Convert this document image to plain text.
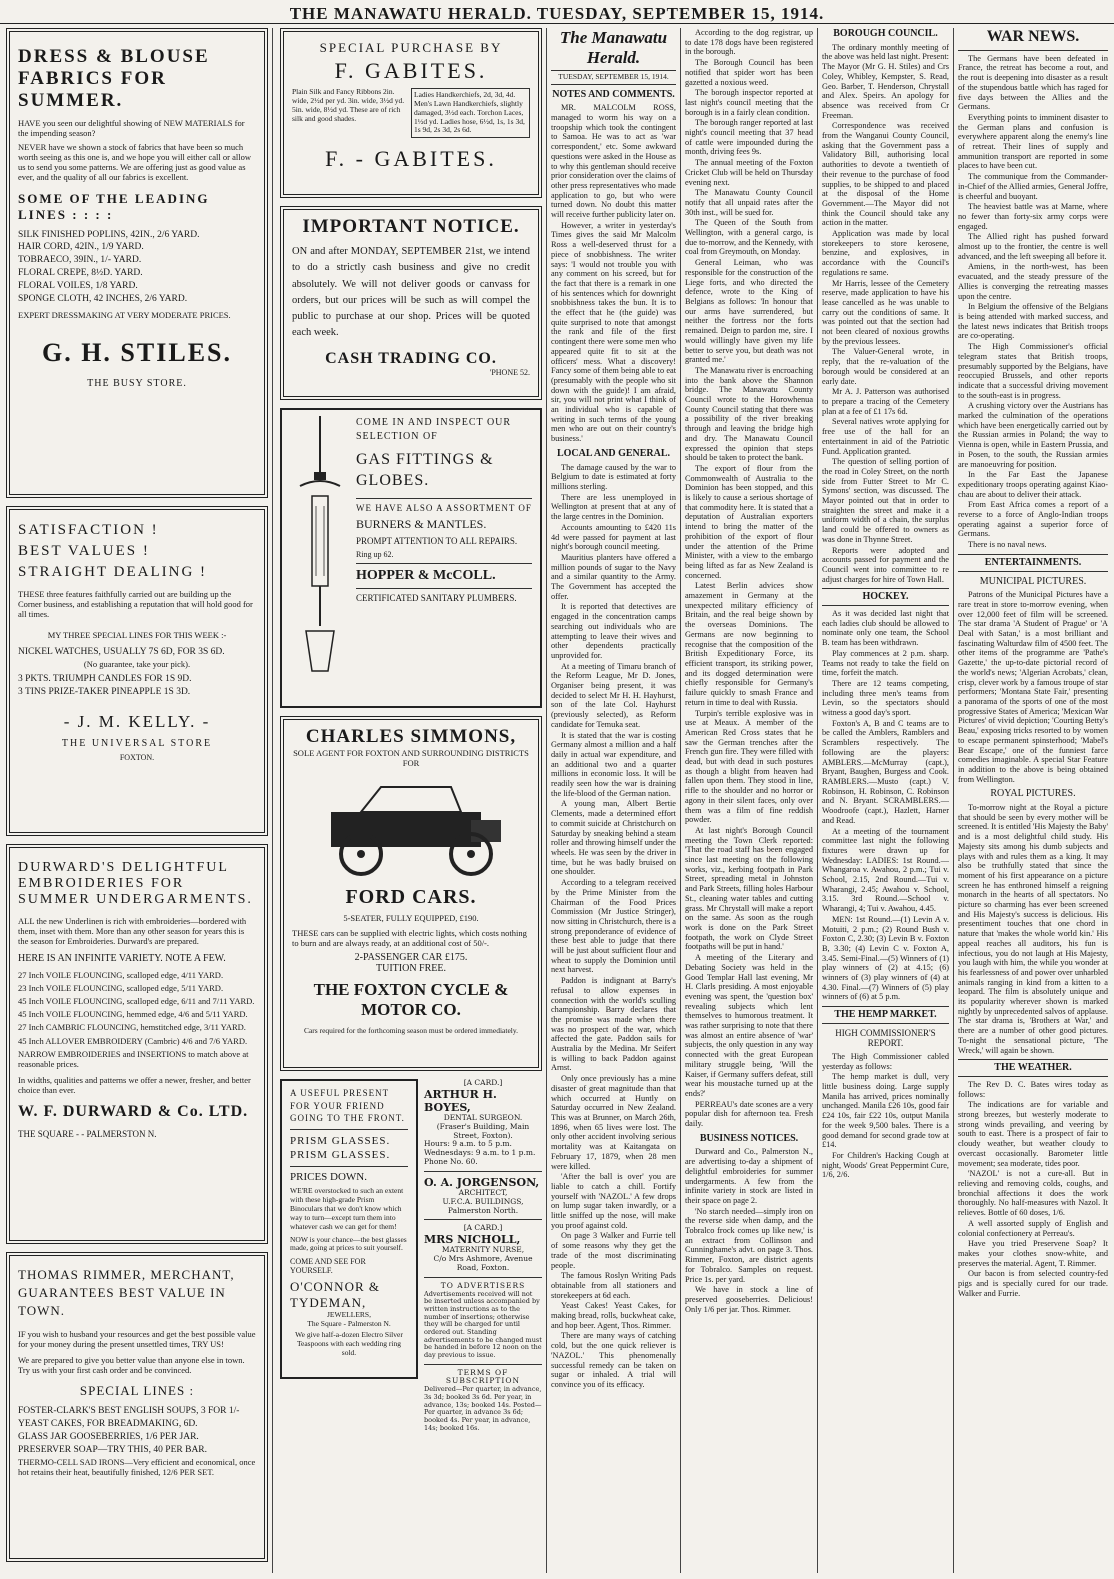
THE MANAWATU HERALD. TUESDAY, SEPTEMBER 15, 1914.
DRESS & BLOUSE FABRICS FOR SUMMER.
HAVE you seen our delightful showing of NEW MATERIALS for the impending season?
NEVER have we shown a stock of fabrics that have been so much worth seeing as this one is, and we hope you will either call or allow us to send you some patterns. We are offering just as good value as ever, and the quality of all our fabrics is excellent.
SOME OF THE LEADING LINES : : : :
SILK FINISHED POPLINS, 42IN., 2/6 YARD.
HAIR CORD, 42IN., 1/9 YARD.
TOBRAECO, 39IN., 1/- YARD.
FLORAL CREPE, 8½D. YARD.
FLORAL VOILES, 1/8 YARD.
SPONGE CLOTH, 42 INCHES, 2/6 YARD.
EXPERT DRESSMAKING AT VERY MODERATE PRICES.
G. H. STILES.
THE BUSY STORE.
SATISFACTION !
BEST VALUES !
STRAIGHT DEALING !
THESE three features faithfully carried out are building up the Corner business, and establishing a reputation that will hold good for all times.
MY THREE SPECIAL LINES FOR THIS WEEK :-
NICKEL WATCHES, USUALLY 7S 6D, FOR 3S 6D.
(No guarantee, take your pick).
3 PKTS. TRIUMPH CANDLES FOR 1S 9D.
3 TINS PRIZE-TAKER PINEAPPLE 1S 3D.
- J. M. KELLY. -
THE UNIVERSAL STORE
FOXTON.
DURWARD'S DELIGHTFUL EMBROIDERIES FOR SUMMER UNDERGARMENTS.
ALL the new Underlinen is rich with embroideries—bordered with them, inset with them. More than any other season for years this is the season for Embroideries. Durward's are prepared.
HERE IS AN INFINITE VARIETY. NOTE A FEW.
27 Inch VOILE FLOUNCING, scalloped edge, 4/11 YARD.
23 Inch VOILE FLOUNCING, scalloped edge, 5/11 YARD.
45 Inch VOILE FLOUNCING, scalloped edge, 6/11 and 7/11 YARD.
45 Inch VOILE FLOUNCING, hemmed edge, 4/6 and 5/11 YARD.
27 Inch CAMBRIC FLOUNCING, hemstitched edge, 3/11 YARD.
45 Inch ALLOVER EMBROIDERY (Cambric) 4/6 and 7/6 YARD.
NARROW EMBROIDERIES and INSERTIONS to match above at reasonable prices.
In widths, qualities and patterns we offer a newer, fresher, and better choice than ever.
W. F. DURWARD & Co. LTD.
THE SQUARE - - PALMERSTON N.
THOMAS RIMMER, MERCHANT, GUARANTEES BEST VALUE IN TOWN.
IF you wish to husband your resources and get the best possible value for your money during the present unsettled times, TRY US!
We are prepared to give you better value than anyone else in town. Try us with your first cash order and be convinced.
SPECIAL LINES :
FOSTER-CLARK'S BEST ENGLISH SOUPS, 3 FOR 1/-
YEAST CAKES, FOR BREADMAKING, 6D.
GLASS JAR GOOSEBERRIES, 1/6 PER JAR.
PRESERVER SOAP—TRY THIS, 40 PER BAR.
THERMO-CELL SAD IRONS—Very efficient and economical, once hot retains their heat, beautifully finished, 12/6 PER SET.
SPECIAL PURCHASE BY
F. GABITES.
Plain Silk and Fancy Ribbons 2in. wide, 2½d per yd. 3in. wide, 3½d yd. 5in. wide, 8½d yd. These are of rich silk and good shades.
Ladies Handkerchiefs, 2d, 3d, 4d. Men's Lawn Handkerchiefs, slightly damaged, 3½d each. Torchon Laces, 1½d yd. Ladies hose, 6½d, 1s, 1s 3d, 1s 9d, 2s 3d, 2s 6d.
F. - GABITES.
IMPORTANT NOTICE.
ON and after MONDAY, SEPTEMBER 21st, we intend to do a strictly cash business and give no credit absolutely. We will not deliver goods or canvass for orders, but our prices will be such as will compel the public to purchase at our shop. Prices will be quoted each week.
CASH TRADING CO.
'PHONE 52.
COME IN AND INSPECT OUR SELECTION OF
GAS FITTINGS & GLOBES.
WE HAVE ALSO A ASSORTMENT OF
BURNERS & MANTLES.
PROMPT ATTENTION TO ALL REPAIRS.
Ring up 62.
HOPPER & McCOLL.
CERTIFICATED SANITARY PLUMBERS.
CHARLES SIMMONS,
SOLE AGENT FOR FOXTON AND SURROUNDING DISTRICTS FOR
FORD CARS.
5-SEATER, FULLY EQUIPPED, £190.
THESE cars can be supplied with electric lights, which costs nothing to burn and are always ready, at an additional cost of 50/-.
2-PASSENGER CAR £175.
TUITION FREE.
THE FOXTON CYCLE & MOTOR CO.
Cars required for the forthcoming season must be ordered immediately.
A USEFUL PRESENT FOR YOUR FRIEND GOING TO THE FRONT.
PRISM GLASSES. PRISM GLASSES.
PRICES DOWN.
WE'RE overstocked to such an extent with these high-grade Prism Binoculars that we don't know which way to turn—except turn them into whatever cash we can get for them!
NOW is your chance—the best glasses made, going at prices to suit yourself.
COME AND SEE FOR YOURSELF.
O'CONNOR & TYDEMAN,
JEWELLERS,
The Square - Palmerston N.
We give half-a-dozen Electro Silver Teaspoons with each wedding ring sold.
[A CARD.]
ARTHUR H. BOYES,
DENTAL SURGEON.
(Fraser's Building, Main Street, Foxton).
Hours: 9 a.m. to 5 p.m. Wednesdays: 9 a.m. to 1 p.m. Phone No. 60.
O. A. JORGENSON,
ARCHITECT,
U.F.C.A. BUILDINGS, Palmerston North.
[A CARD.]
MRS NICHOLL,
MATERNITY NURSE,
C/o Mrs Ashmore, Avenue Road, Foxton.
TO ADVERTISERS
Advertisements received will not be inserted unless accompanied by written instructions as to the number of insertions; otherwise they will be charged for until ordered out. Standing advertisements to be changed must be handed in before 12 noon on the day previous to issue.
TERMS OF SUBSCRIPTION
Delivered—Per quarter, in advance, 3s 3d; booked 3s 6d. Per year, in advance, 13s; booked 14s. Posted—Per quarter, in advance 3s 6d; booked 4s. Per year, in advance, 14s; booked 16s.
The Manawatu Herald.
TUESDAY, SEPTEMBER 15, 1914.
NOTES AND COMMENTS.

MR. MALCOLM ROSS, managed to worm his way on a troopship which took the contingent to Samoa. He was to act as 'war correspondent,' etc. Some awkward questions were asked in the House as to why this gentleman should receive prior consideration over the claims of other press representatives who made application to go, but who were turned down. No doubt this matter will receive further publicity later on.

However, a writer in yesterday's Times gives the said Mr Malcolm Ross a well-deserved thrust for a piece of snobbishness. The writer says: 'I would not trouble you with any comment on his screed, but for the fact that there is a remark in one of his sentences which for downright snobbishness takes the bun. It is to the effect that he (the guide) was quite surprised to note that amongst the rank and file of the first contingent there were some men who appeared quite fit to sit at the officers' mess. What a discovery! Fancy some of them being able to eat (presumably with the people who sit down with the guide)! I am afraid, sir, you will not print what I think of an individual who is capable of writing in such terms of the young men who are out on their country's business.'

LOCAL AND GENERAL.

The damage caused by the war to Belgium to date is estimated at forty millions sterling.

There are less unemployed in Wellington at present that at any of the large centres in the Dominion.

Accounts amounting to £420 11s 4d were passed for payment at last night's borough council meeting.

Mauritius planters have offered a million pounds of sugar to the Navy and a similar quantity to the Army. The Government has accepted the offer.

It is reported that detectives are engaged in the concentration camps searching out individuals who are attempting to leave their wives and other dependents practically unprovided for.

At a meeting of Timaru branch of the Reform League, Mr D. Jones, Organiser being present, it was decided to select Mr H. H. Hayhurst, son of the late Col. Hayhurst (previously selected), as Reform candidate for Temuka seat.

It is stated that the war is costing Germany almost a million and a half daily in actual war expenditure, and an additional two and a quarter millions in economic loss. It will be readily seen how the war is draining the life-blood of the German nation.

A young man, Albert Bertie Clements, made a determined effort to commit suicide at Christchurch on Saturday by sneaking behind a steam roller and throwing himself under the wheels. He was seen by the driver in time, but he was badly bruised on one shoulder.

According to a telegram received by the Prime Minister from the Chairman of the Food Prices Commission (Mr Justice Stringer), now sitting in Christchurch, there is a strong preponderance of evidence of these best able to judge that there will be just about sufficient flour and wheat to supply the Dominion until next harvest.

Paddon is indignant at Barry's refusal to allow expenses in connection with the world's sculling championship. Barry declares that the promise was made when there was no prospect of the war, which affected the gate. Paddon sails for Australia by the Medina. Mr Seifert is willing to back Paddon against Arnst.

Only once previously has a mine disaster of great magnitude than that which occurred at Huntly on Saturday occurred in New Zealand. This was at Brunner, on March 26th, 1896, when 65 lives were lost. The only other accident involving serious mortality was at Kaitangata on February 17, 1879, when 28 men were killed.

'After the ball is over' you are liable to catch a chill. Fortify yourself with 'NAZOL.' A few drops on lump sugar taken inwardly, or a little sniffed up the nose, will make you proof against cold.

On page 3 Walker and Furrie tell of some reasons why they get the trade of the most discriminating people.

The famous Roslyn Writing Pads obtainable from all stationers and storekeepers at 6d each.

Yeast Cakes! Yeast Cakes, for making bread, rolls, buckwheat cake, and hop beer. Agent, Thos. Rimmer.

There are many ways of catching cold, but the one quick reliever is 'NAZOL.' This phenomenally successful remedy can be taken on sugar or inhaled. A trial will convince you of its efficacy.

According to the dog registrar, up to date 178 dogs have been registered in the borough.

The Borough Council has been notified that spider wort has been gazetted a noxious weed.

The borough inspector reported at last night's council meeting that the borough is in a fairly clean condition.

The borough ranger reported at last night's council meeting that 37 head of cattle were impounded during the month, driving fees 9s.

The annual meeting of the Foxton Cricket Club will be held on Thursday evening next.

The Manawatu County Council notify that all unpaid rates after the 30th inst., will be sued for.

The Queen of the South from Wellington, with a general cargo, is due to-morrow, and the Kennedy, with coal from Greymouth, on Monday.

General Leiman, who was responsible for the construction of the Liege forts, and who directed the defence, wrote to the King of Belgians as follows: 'In honour that our arms have surrendered, but neither the fortress nor the forts remained. Deign to pardon me, sire. I would willingly have given my life better to serve you, but death was not granted me.'

The Manawatu river is encroaching into the bank above the Shannon bridge. The Manawatu County Council wrote to the Horowhenua County Council stating that there was a possibility of the river breaking through and leaving the bridge high and dry. The Manawatu Council expressed the opinion that steps should be taken to protect the bank.

The export of flour from the Commonwealth of Australia to the Dominion has been stopped, and this is likely to cause a serious shortage of that commodity here. It is stated that a deputation of Australian exporters intend to bring the matter of the prohibition of the export of flour under the attention of the Prime Minister, with a view to the embargo being lifted as far as New Zealand is concerned.

Latest Berlin advices show amazement in Germany at the unexpected military efficiency of Britain, and the real beige shown by the overseas Dominions. The Germans are now beginning to recognise that the composition of the British Expeditionary Force, its efficient transport, its striking power, and its dogged determination were chiefly responsible for Germany's failure quickly to smash France and return in time to deal with Russia.

Turpin's terrible explosive was in use at Meaux. A member of the American Red Cross states that he saw the German trenches after the French gun fire. They were filled with dead, but with dead in such postures as though a blight from heaven had fallen upon them. They stood in line, rifle to the shoulder and no horror or agony in their silent faces, only over them was a film of fine reddish powder.

At last night's Borough Council meeting the Town Clerk reported: 'That the road staff has been engaged since last meeting on the following works, viz., kerbing footpath in Park Street, spreading metal in Johnston and Park Streets, filling holes Harbour St., cleaning water tables and cutting grass. Mr Chrystall will make a report on the same. As soon as the rough work is done on the Park Street footpath, the work on Clyde Street footpaths will be put in hand.'

A meeting of the Literary and Debating Society was held in the Good Templar Hall last evening, Mr H. Clarls presiding. A most enjoyable evening was spent, the 'question box' revealing subjects which lent themselves to humorous treatment. It was rather surprising to note that there was almost an entire absence of 'war' subjects, the only question in any way connected with the great European military struggle being, 'Will the Kaiser, if Germany suffers defeat, still wear his moustache turned up at the ends?'

PERREAU's date scones are a very popular dish for afternoon tea. Fresh daily.

BUSINESS NOTICES.

Durward and Co., Palmerston N., are advertising to-day a shipment of delightful embroideries for summer undergarments. A few from the infinite variety in stock are listed in their space on page 2.

'No starch needed—simply iron on the reverse side when damp, and the Tobralco frock comes up like new,' is an extract from Collinson and Cunninghame's advt. on page 3. Thos. Rimmer, Foxton, are district agents for Tobralco. Samples on request. Price 1s. per yard.

We have in stock a line of preserved gooseberries. Delicious! Only 1/6 per jar. Thos. Rimmer.

BOROUGH COUNCIL.

The ordinary monthly meeting of the above was held last night. Present: The Mayor (Mr G. H. Stiles) and Crs Coley, Whibley, Kempster, S. Read, Geo. Barber, T. Henderson, Chrystall and Alex. Speirs. An apology for absence was received from Cr Freeman.

Correspondence was received from the Wanganui County Council, asking that the Government pass a Validatory Bill, authorising local authorities to devote a twentieth of their revenue to the purchase of food supplies, to be shipped to and placed at the disposal of the Home Government.—The Mayor did not think the Council should take any action in the matter.

Application was made by local storekeepers to store kerosene, benzine, and explosives, in accordance with the Council's regulations re same.

Mr Harris, lessee of the Cemetery reserve, made application to have his lease cancelled as he was unable to carry out the conditions of same. It was pointed out that the section had not been cleared of noxious growths by the previous lessees.

The Valuer-General wrote, in reply, that the re-valuation of the borough would be considered at an early date.

Mr A. J. Patterson was authorised to prepare a tracing of the Cemetery plan at a fee of £1 17s 6d.

Several natives wrote applying for free use of the hall for an entertainment in aid of the Patriotic Fund. Application granted.

The question of selling portion of the road in Coley Street, on the north side from Futter Street to Mr C. Symons' section, was discussed. The Mayor pointed out that in order to straighten the street and make it a uniform width of a chain, the surplus land could be offered to owners as was done in Thynne Street.

Reports were adopted and accounts passed for payment and the Council went into committee to re adjust charges for hire of Town Hall.

HOCKEY.

As it was decided last night that each ladies club should be allowed to nominate only one team, the School B. team has been withdrawn.

Play commences at 2 p.m. sharp. Teams not ready to take the field on time, forfeit the match.

There are 12 teams competing, including three men's teams from Levin, so the spectators should witness a good day's sport.

Foxton's A, B and C teams are to be called the Amblers, Ramblers and Scramblers respectively. The following are the players: AMBLERS.—McMurray (capt.), Bryant, Baughen, Burgess and Cook. RAMBLERS.—Musto (capt.) V. Robinson, H. Robinson, C. Robinson and N. Bryant. SCRAMBLERS.—Woodroofe (capt.), Hazlett, Harner and Read.

At a meeting of the tournament committee last night the following fixtures were drawn up for Wednesday: LADIES: 1st Round.—Whangaroa v. Awahou, 2 p.m.; Tui v. School, 2.15, 2nd Round.—Tui v. Wharangi, 2.45; Awahou v. School, 3.15. 3rd Round.—School v. Wharangi, 4; Tui v. Awahou, 4.45.

MEN: 1st Round.—(1) Levin A v. Motuiti, 2 p.m.; (2) Round Bush v. Foxton C, 2.30; (3) Levin B v. Foxton B, 3.30; (4) Levin C v. Foxton A, 3.45. Semi-Final.—(5) Winners of (1) play winners of (2) at 4.15; (6) winners of (3) play winners of (4) at 4.30. Final.—(7) Winners of (5) play winners of (6) at 5 p.m.

THE HEMP MARKET.
HIGH COMMISSIONER'S REPORT.

The High Commissioner cabled yesterday as follows:

The hemp market is dull, very little business doing. Large supply Manila has arrived, prices nominally unchanged. Manila £26 10s, good fair £24 10s, fair £22 10s, output Manila for the week 9,500 bales. There is a good demand for second grade tow at £14.

For Children's Hacking Cough at night, Woods' Great Peppermint Cure, 1/6, 2/6.

WAR NEWS.

The Germans have been defeated in France, the retreat has become a rout, and the rout is deepening into disaster as a result of the stupendous battle which has raged for five days between the Allies and the Germans.

Everything points to imminent disaster to the German plans and confusion is everywhere apparent along the enemy's line of retreat. Their lines of supply and ammunition transport are reported in some places to have been cut.

The communique from the Commander-in-Chief of the Allied armies, General Joffre, is cheerful and buoyant.

The heaviest battle was at Marne, where no fewer than forty-six army corps were engaged.

The Allied right has pushed forward almost up to the frontier, the centre is well advanced, and the left sweeping all before it.

Amiens, in the north-west, has been evacuated, and the steady pressure of the Allies is converging the retreating masses upon the centre.

In Belgium the offensive of the Belgians is being attended with marked success, and the latest news indicates that British troops are co-operating.

The High Commissioner's official telegram states that British troops, presumably supported by the Belgians, have reoccupied Brussels, and other reports indicate that a successful driving movement to the south-east is in progress.

A crushing victory over the Austrians has marked the culmination of the operations which have been energetically carried out by the Russian armies in Poland; the way to Vienna is open, while in Eastern Prussia, and in Posen, to the south, the Russian armies are manoeuvring for position.

In the Far East the Japanese expeditionary troops operating against Kiao-chau are about to deliver their attack.

From East Africa comes a report of a reverse to a force of Anglo-Indian troops operating against a superior force of Germans.

There is no naval news.

ENTERTAINMENTS.
MUNICIPAL PICTURES.

Patrons of the Municipal Pictures have a rare treat in store to-morrow evening, when over 12,000 feet of film will be screened. The star drama 'A Student of Prague' or 'A Deal with Satan,' is a most brilliant and fascinating Walturdaw film of 4500 feet. The other items of the programme are 'Pathe's Gazette,' the up-to-date pictorial record of the world's news; 'Algerian Acrobats,' clean, crisp, clever work by a famous troupe of star performers; 'Montana State Fair,' presenting a panorama of the sports of one of the most progressive States of America; 'Mexican War Pictures' of vivid depiction; 'Courting Betty's Beau,' exposing tricks resorted to by women to escape permanent spinsterhood; 'Mabel's Bear Escape,' one of the funniest farce comedies imaginable. A special Star Feature in addition to the above is being obtained from Wellington.

ROYAL PICTURES.

To-morrow night at the Royal a picture that should be seen by every mother will be screened. It is entitled 'His Majesty the Baby' and is a most delightful child study. His Majesty sits among his dumb subjects and plays with and rules them as a king. It may also be truthfully stated that since the moment of his first appearance on a picture screen he has enthroned himself a reigning monarch in the hearts of all spectators. No picture so charming has ever been screened and His Majesty's success is delicious. His presentiment touches that one chord in nature that 'makes the whole world kin.' His appeal reaches all auditors, his fun is infectious, you do not laugh at His Majesty, you laugh with him, the while you wonder at his fearlessness of and power over unharbled animals ranging in kind from a kitten to a leopard. The film is absolutely unique and its popularity wherever shown is marked nightly by unprecedented salvos of applause. The star drama is, 'Brothers at War,' and there are a number of other good pictures. To-night the sensational picture, 'The Wreck,' will again be shown.

THE WEATHER.

The Rev D. C. Bates wires today as follows:

The indications are for variable and strong breezes, but westerly moderate to strong winds prevailing, and veering by south to east. There is a prospect of fair to cloudy weather, but weather cloudy to overcast occasionally. Barometer little movement; sea moderate, tides poor.

'NAZOL' is not a cure-all. But in relieving and removing colds, coughs, and bronchial affections it does the work thoroughly. No half-measures with Nazol. It relieves. Bottle of 60 doses, 1/6.

A well assorted supply of English and colonial confectionery at Perreau's.

Have you tried Preservene Soap? It makes your clothes snow-white, and preserves the material. Agent, T. Rimmer.

Our bacon is from selected country-fed pigs and is specially cured for our trade. Walker and Furrie.
